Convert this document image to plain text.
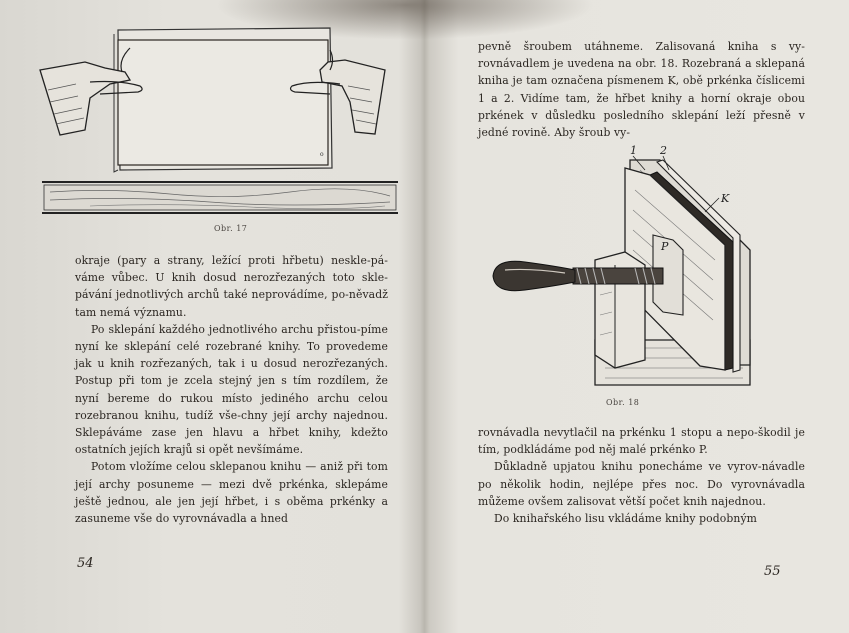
o
Obr. 17

okraje (pary a strany, ležící proti hřbetu) neskle-pá-váme vůbec. U knih dosud nerozřezaných toto skle-pávání jednotlivých archů také neprovádíme, po-něvadž tam nemá významu.

Po sklepání každého jednotlivého archu přistou-píme nyní ke sklepání celé rozebrané knihy. To provedeme jak u knih rozřezaných, tak i u dosud nerozřezaných. Postup při tom je zcela stejný jen s tím rozdílem, že nyní bereme do rukou místo jediného archu celou rozebranou knihu, tudíž vše-chny její archy najednou. Sklepáváme zase jen hlavu a hřbet knihy, kdežto ostatních jejích krajů si opět nevšímáme.

Potom vložíme celou sklepanou knihu — aniž při tom její archy posuneme — mezi dvě prkénka, sklepáme ještě jednou, ale jen její hřbet, i s oběma prkénky a zasuneme vše do vyrovnávadla a hned

54

pevně šroubem utáhneme. Zalisovaná kniha s vy-rovnávadlem je uvedena na obr. 18. Rozebraná a sklepaná kniha je tam označena písmenem K, obě prkénka číslicemi 1 a 2. Vidíme tam, že hřbet knihy a horní okraje obou prkének v důsledku posledního sklepání leží přesně v jedné rovině. Aby šroub vy-

1 2
K
P
Obr. 18

rovnávadla nevytlačil na prkénku 1 stopu a nepo-škodil je tím, podkládáme pod něj malé prkénko P.

Důkladně upjatou knihu ponecháme ve vyrov-návadle po několik hodin, nejlépe přes noc. Do vyrovnávadla můžeme ovšem zalisovat větší počet knih najednou.

Do knihařského lisu vkládáme knihy podobným

55
